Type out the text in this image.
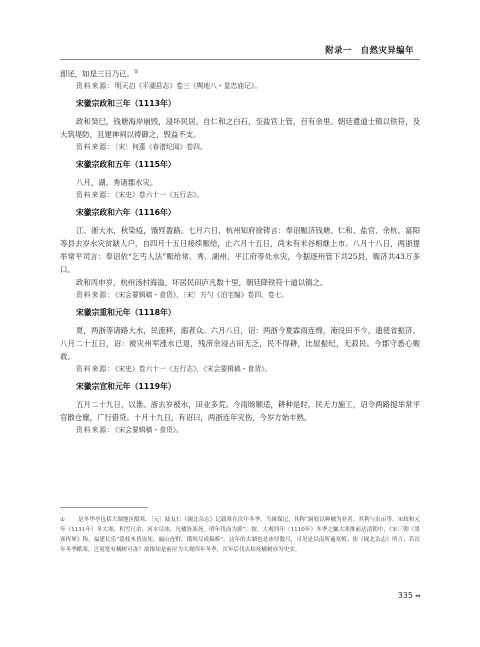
附录一　自然灾异编年

即还，如是三日乃已。①

资料来源：明天启《平湖县志》卷三《舆地八・显忠庙记》。

宋徽宗政和三年（1113年）

政和癸巳，钱塘海岸崩毁，浸坏民居。自仁和之白石，至盐官上管，百有余里。朝廷遣道士镇以铁符，及大筑堤防，且建神祠以祷御之，毁益不支。

资料来源：〔宋〕何薳《春渚纪闻》卷四。

宋徽宗政和五年（1115年）

八月，湖、秀诸郡水灾。

资料来源：《宋史》卷六十一《五行志》。

宋徽宗政和六年（1116年）

江、浙大水，秋染疫，饿殍盈路。七月六日，杭州知府徐铸言：奉诏赈济钱塘、仁和、盐官、余杭、富阳等县去岁水灾贫缺人户，自四月十五日接续赈给，止六月十五日，尚未有米谷相继上市。八月十八日，两浙提举常平司言：奉诏依“乞丐人法”赈给常、秀、湖州、平江府等处水灾，今据逐州管下共25县，赈济共43万多口。

政和丙申岁，杭州汤村海溢，坏居民田庐凡数十里，朝廷降铁符十道以镇之。

资料来源：《宋会要辑稿・食货》，〔宋〕方勺《泊宅编》卷四、卷七。

宋徽宗重和元年（1118年）

夏，两浙等诸路大水，民流移，溺者众。六月八日，诏：两浙今夏霖雨连绵，淹没田不少，遗使省振济。八月二十五日，诏：被灾州军涨水已退，残涝余浸占田无乏，民不得耕，比屋振纪，无菽民。今郡守悉心赈救。

资料来源：《宋史》卷六十一《五行志》，《宋会要辑稿・食货》。

宋徽宗宣和元年（1119年）

五月二十九日，以淮、浙去岁被水，田业多荒。今雨旸顺适，耕种是时，民无力施工，诏令两路提举常平官散仓廪，广行借贷。十月十九日，有诏曰，两浙连年灾伤，今岁方始丰熟。

资料来源：《宋会要辑稿・食货》。

① 是冬华亭包括大湖地区酷寒。〔元〕陆友仁《砚北杂志》记载寒在次年冬季，当属保记，其称“洞庭以种橘为业者，其利与农亩等。宋政和元年（1111年）冬大寒，积雪尺余，河水尽冰，凡橘皆冻死。明年伐而为薪”。按，大观四年（1110年）冬季之嫌大寒推前达清朝中，《宋三朝（墨客挥犀》称，福建长乐”荔枝木皆冻死，遍山连野，俄顷尽成稿柝”。这年的太湖也是冰厚数尺，可见是以南所遍寒植。依《砚北杂志》所言，若次年冬季酷寒，岂更宽有橘树可冻？故推知是前应为大观四年冬季，次年后伐去枯死橘树亦为史实。
335 ◂◂
